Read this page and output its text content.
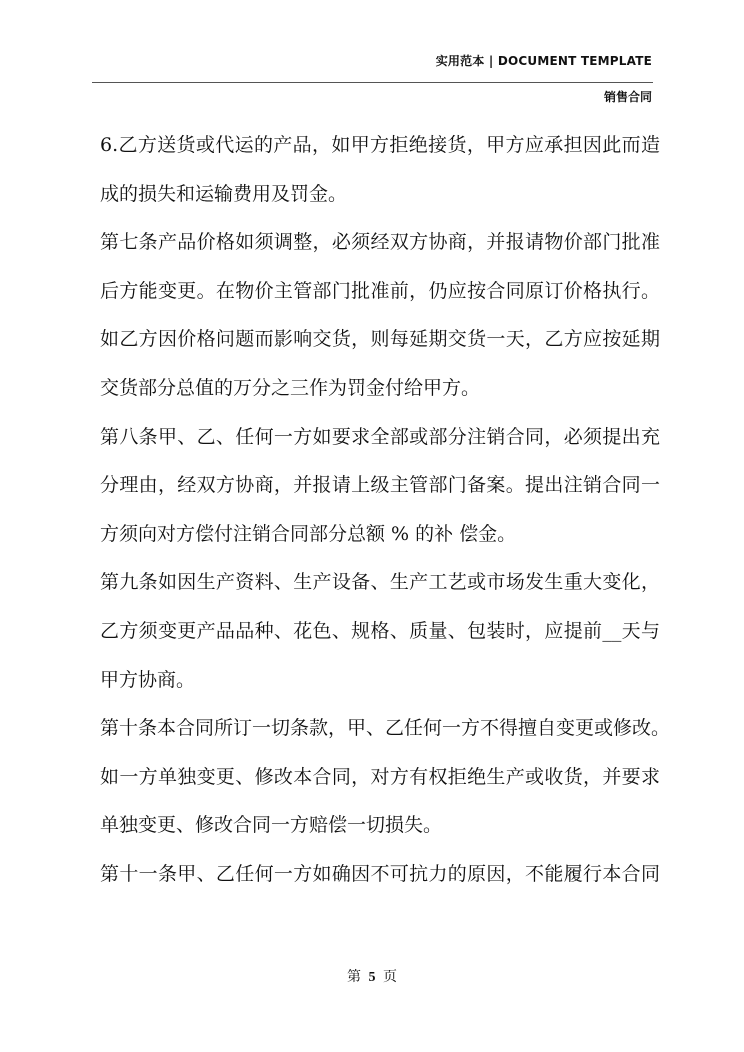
实用范本 | DOCUMENT TEMPLATE
销售合同
6.乙方送货或代运的产品，如甲方拒绝接货，甲方应承担因此而造
成的损失和运输费用及罚金。
第七条产品价格如须调整，必须经双方协商，并报请物价部门批准
后方能变更。在物价主管部门批准前，仍应按合同原订价格执行。
如乙方因价格问题而影响交货，则每延期交货一天，乙方应按延期
交货部分总值的万分之三作为罚金付给甲方。
第八条甲、乙、任何一方如要求全部或部分注销合同，必须提出充
分理由，经双方协商，并报请上级主管部门备案。提出注销合同一
方须向对方偿付注销合同部分总额 % 的补 偿金。
第九条如因生产资料、生产设备、生产工艺或市场发生重大变化，
乙方须变更产品品种、花色、规格、质量、包装时，应提前__天与
甲方协商。
第十条本合同所订一切条款，甲、乙任何一方不得擅自变更或修改。
如一方单独变更、修改本合同，对方有权拒绝生产或收货，并要求
单独变更、修改合同一方赔偿一切损失。
第十一条甲、乙任何一方如确因不可抗力的原因，不能履行本合同
第 5 页
